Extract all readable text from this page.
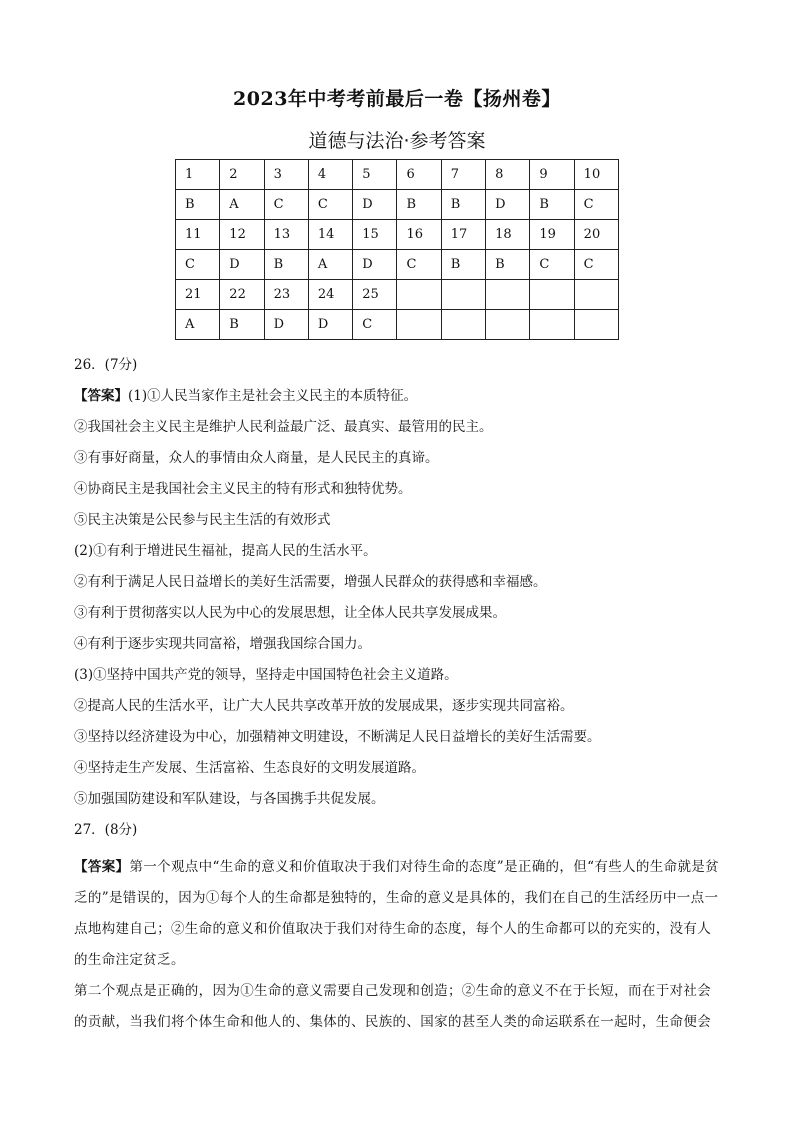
2023年中考考前最后一卷【扬州卷】
道德与法治·参考答案
1	2	3	4	5	6	7	8	9	10
B	A	C	C	D	B	B	D	B	C
11	12	13	14	15	16	17	18	19	20
C	D	B	A	D	C	B	B	C	C
21	22	23	24	25					
A	B	D	D	C					
26．(7分)
【答案】(1)①人民当家作主是社会主义民主的本质特征。
②我国社会主义民主是维护人民利益最广泛、最真实、最管用的民主。
③有事好商量，众人的事情由众人商量，是人民民主的真谛。
④协商民主是我国社会主义民主的特有形式和独特优势。
⑤民主决策是公民参与民主生活的有效形式
(2)①有利于增进民生福祉，提高人民的生活水平。
②有利于满足人民日益增长的美好生活需要，增强人民群众的获得感和幸福感。
③有利于贯彻落实以人民为中心的发展思想，让全体人民共享发展成果。
④有利于逐步实现共同富裕，增强我国综合国力。
(3)①坚持中国共产党的领导，坚持走中国国特色社会主义道路。
②提高人民的生活水平，让广大人民共享改革开放的发展成果，逐步实现共同富裕。
③坚持以经济建设为中心，加强精神文明建设，不断满足人民日益增长的美好生活需要。
④坚持走生产发展、生活富裕、生态良好的文明发展道路。
⑤加强国防建设和军队建设，与各国携手共促发展。
27．(8分)
【答案】第一个观点中“生命的意义和价值取决于我们对待生命的态度”是正确的，但“有些人的生命就是贫乏的”是错误的，因为①每个人的生命都是独特的，生命的意义是具体的，我们在自己的生活经历中一点一点地构建自己；②生命的意义和价值取决于我们对待生命的态度，每个人的生命都可以的充实的，没有人的生命注定贫乏。
第二个观点是正确的，因为①生命的意义需要自己发现和创造；②生命的意义不在于长短，而在于对社会的贡献，当我们将个体生命和他人的、集体的、民族的、国家的甚至人类的命运联系在一起时，生命便会
